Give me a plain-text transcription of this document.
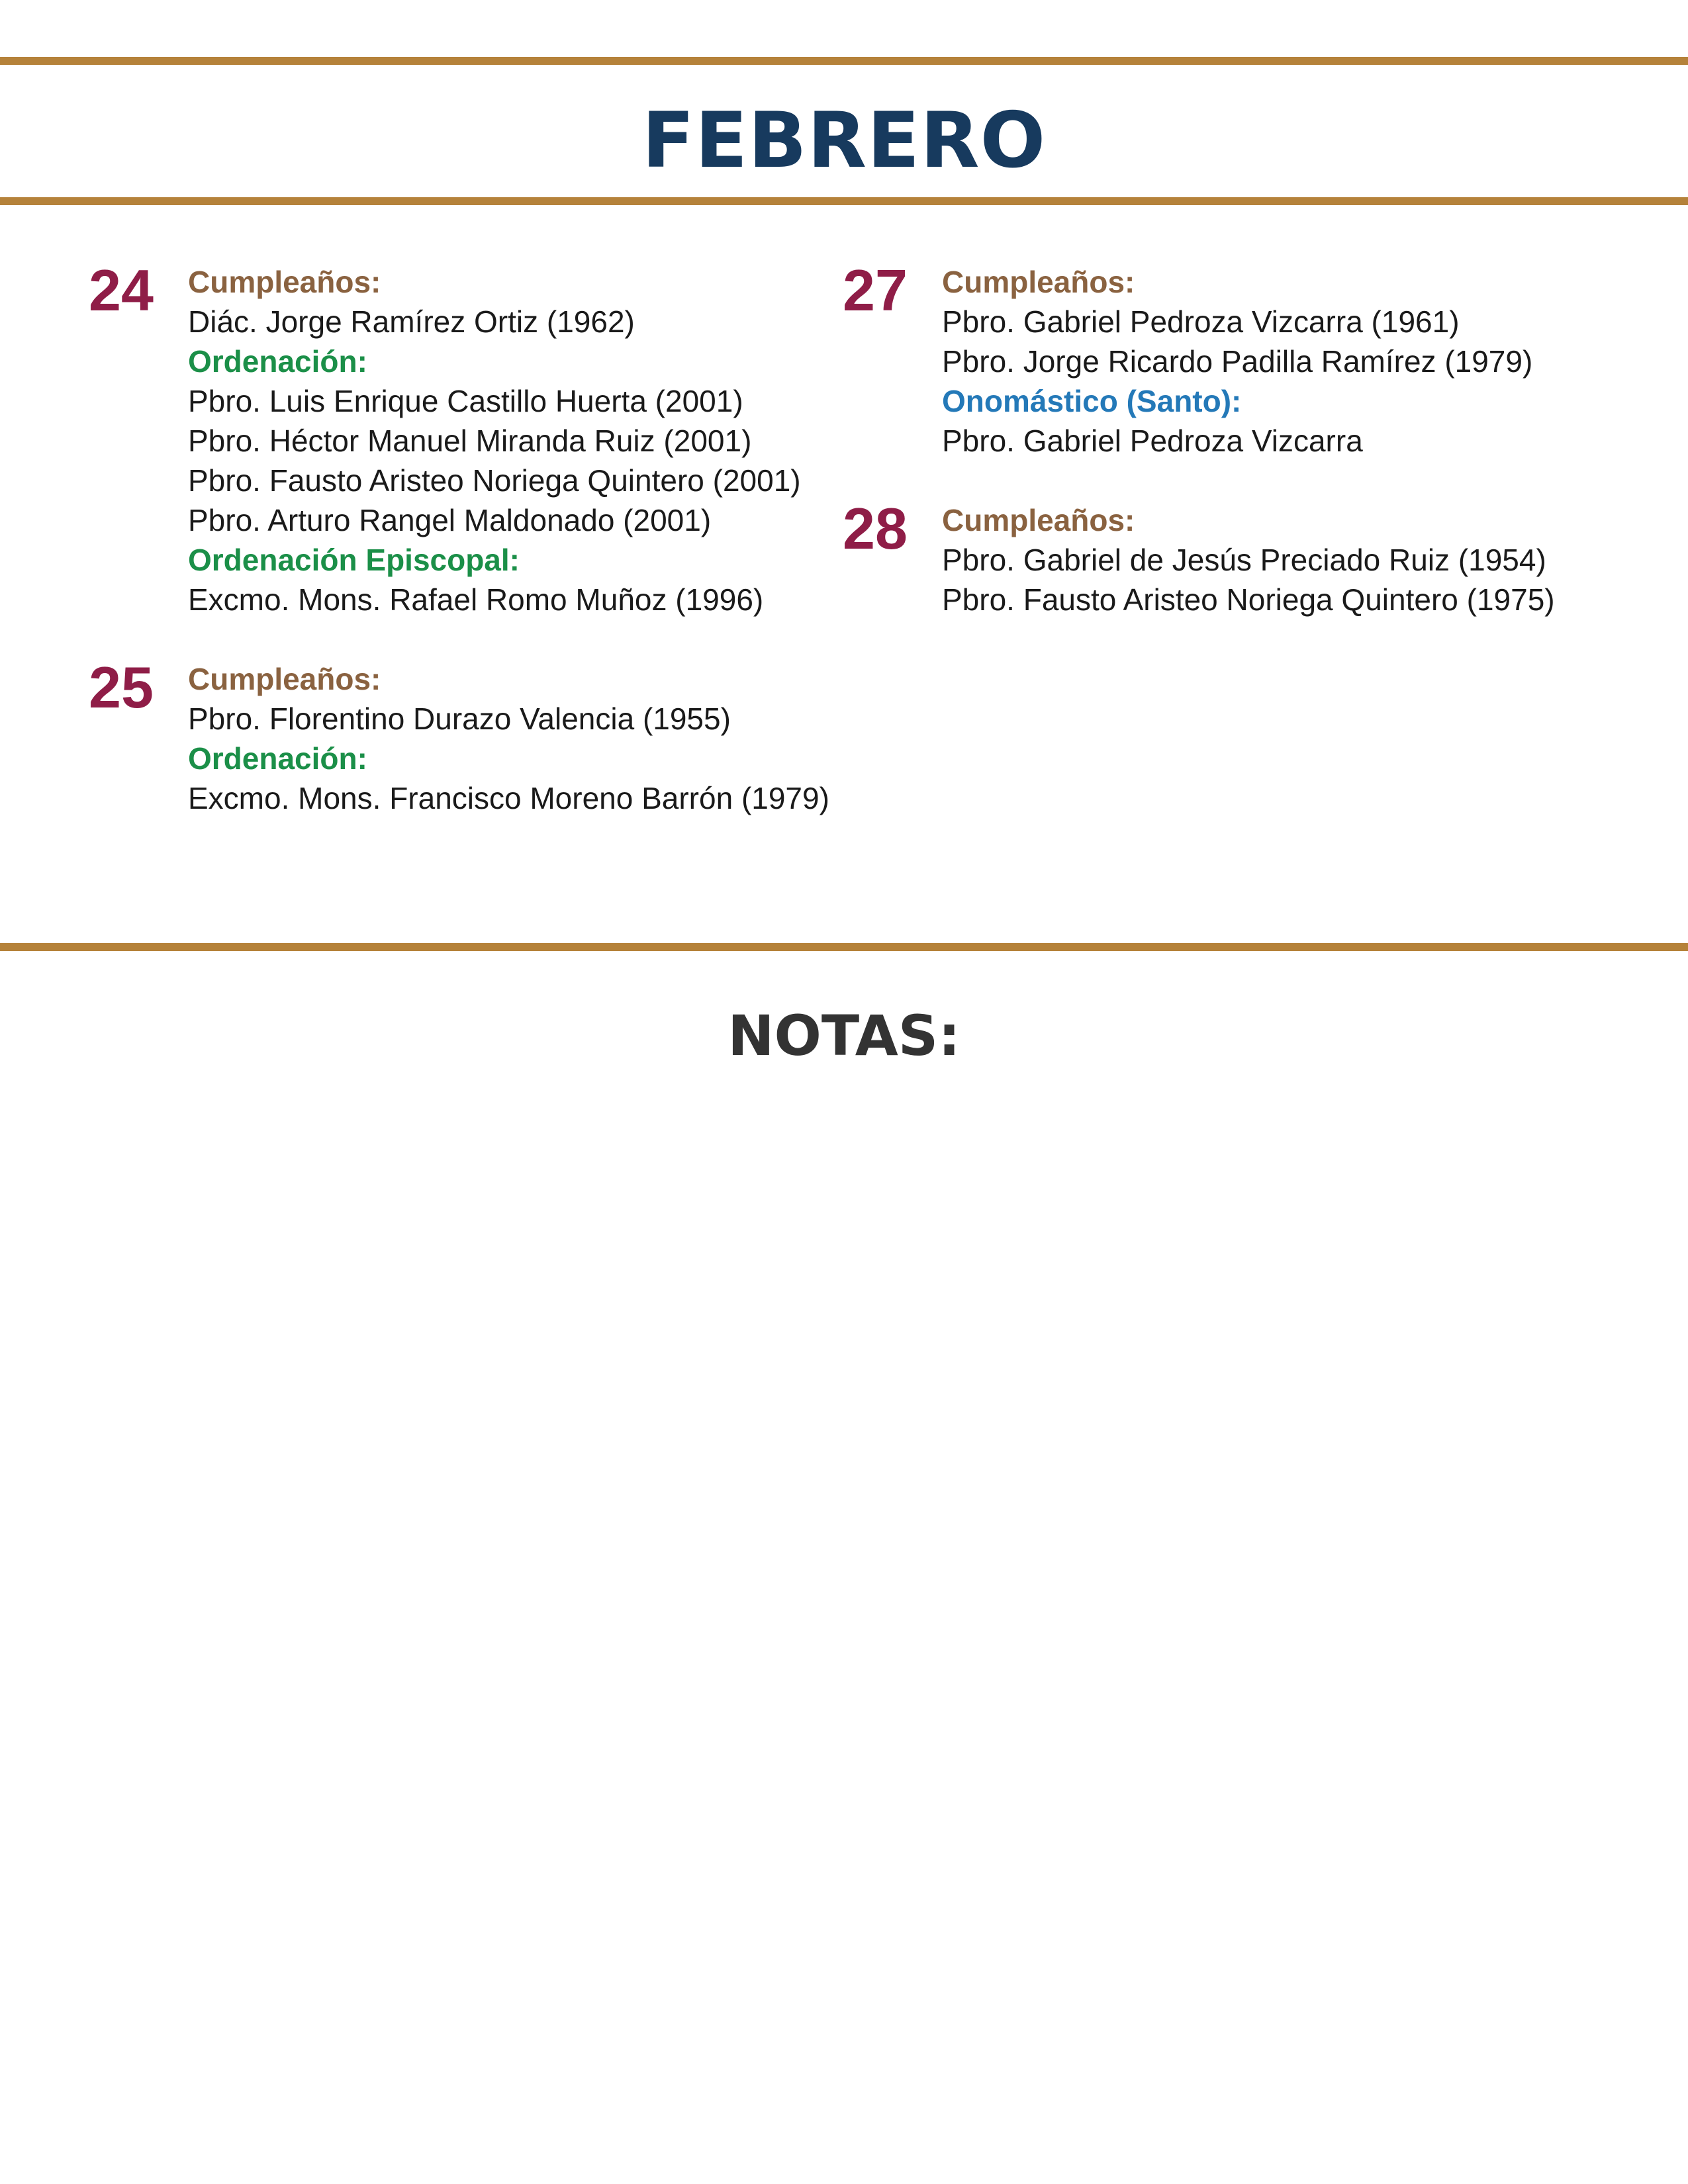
FEBRERO
24 Cumpleaños:
Diác. Jorge Ramírez Ortiz (1962)
Ordenación:
Pbro. Luis Enrique Castillo Huerta (2001)
Pbro. Héctor Manuel Miranda Ruiz (2001)
Pbro. Fausto Aristeo Noriega Quintero (2001)
Pbro. Arturo Rangel Maldonado (2001)
Ordenación Episcopal:
Excmo. Mons. Rafael Romo Muñoz (1996)
25 Cumpleaños:
Pbro. Florentino Durazo Valencia (1955)
Ordenación:
Excmo. Mons. Francisco Moreno Barrón (1979)
27 Cumpleaños:
Pbro. Gabriel Pedroza Vizcarra (1961)
Pbro. Jorge Ricardo Padilla Ramírez (1979)
Onomástico (Santo):
Pbro. Gabriel Pedroza Vizcarra
28 Cumpleaños:
Pbro. Gabriel de Jesús Preciado Ruiz (1954)
Pbro. Fausto Aristeo Noriega Quintero (1975)
NOTAS:
